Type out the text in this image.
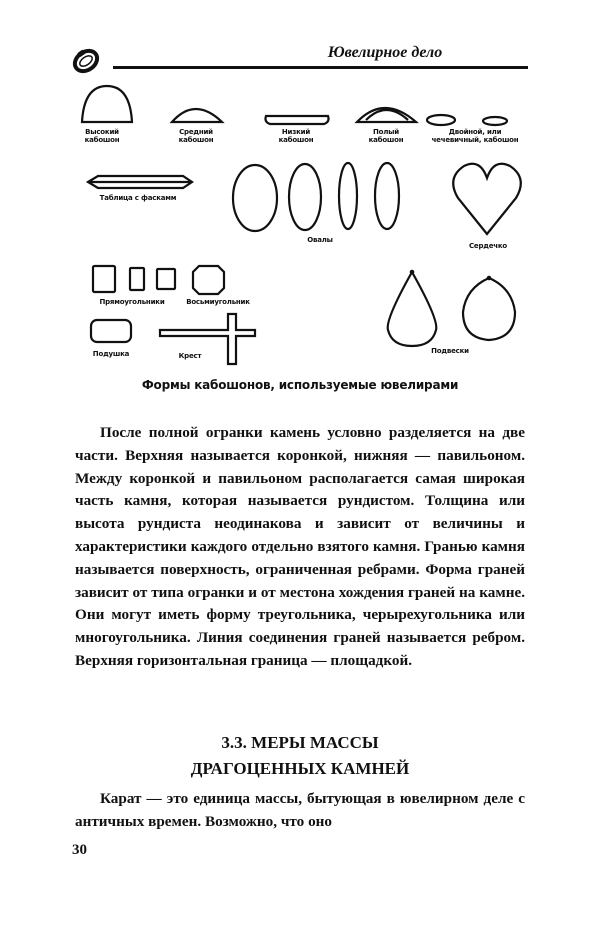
Ювелирное дело
Высокий
кабошон
Средний
кабошон
Низкий
кабошон
Полый
кабошон
Двойной, или
чечевичный, кабошон
Таблица с фаскамм
Овалы
Сердечко
Прямоугольники	Восьмиугольник
Подушка	Крест
Подвески
Формы кабошонов, используемые ювелирами

После полной огранки камень условно разделяется на две части. Верхняя называется коронкой, нижняя — павильоном. Между коронкой и павильоном располагается самая широкая часть камня, которая называется рундистом. Толщина или высота рундиста неодинакова и зависит от величины и характеристики каждого отдельно взятого камня. Гранью камня называется поверхность, ограниченная ребрами. Форма граней зависит от типа огранки и от местона хождения граней на камне. Они могут иметь форму треугольника, черырехугольника или многоугольника. Линия соединения граней называется ребром. Верхняя горизонтальная граница — площадкой.

3.3. МЕРЫ МАССЫ
ДРАГОЦЕННЫХ КАМНЕЙ

Карат — это единица массы, бытующая в ювелирном деле с античных времен. Возможно, что оно

30
